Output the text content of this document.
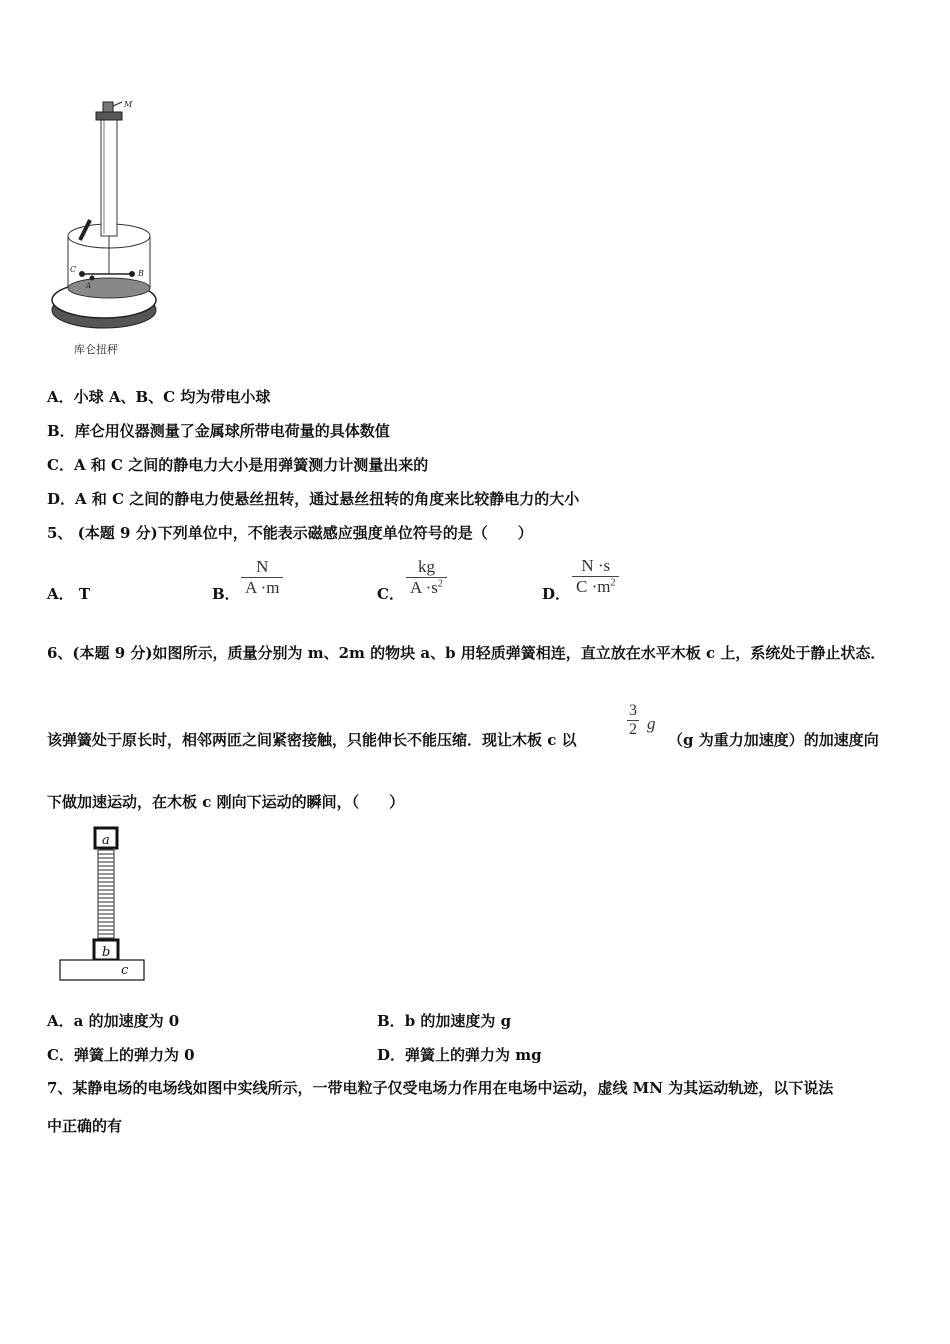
M
C
A
B
库仑扭秤
A．小球 A、B、C 均为带电小球
B．库仑用仪器测量了金属球所带电荷量的具体数值
C．A 和 C 之间的静电力大小是用弹簧测力计测量出来的
D．A 和 C 之间的静电力使悬丝扭转，通过悬丝扭转的角度来比较静电力的大小
5、 (本题 9 分)下列单位中，不能表示磁感应强度单位符号的是（　　）
A． T	B．
N
A ·m	C．
kg
$A \cdot s^2$
D．
N ·s
$C \cdot m^2$
6、(本题 9 分)如图所示，质量分别为 m、2m 的物块 a、b 用轻质弹簧相连，直立放在水平木板 c 上，系统处于静止状态．
该弹簧处于原长时，相邻两匝之间紧密接触，只能伸长不能压缩．现让木板 c 以
3
2 g
（g 为重力加速度）的加速度向
下做加速运动，在木板 c 刚向下运动的瞬间，（　　）
a
b
c
A．a 的加速度为 0	B．b 的加速度为 g
C．弹簧上的弹力为 0	D．弹簧上的弹力为 mg
7、某静电场的电场线如图中实线所示，一带电粒子仅受电场力作用在电场中运动，虚线 MN 为其运动轨迹，以下说法
中正确的有
